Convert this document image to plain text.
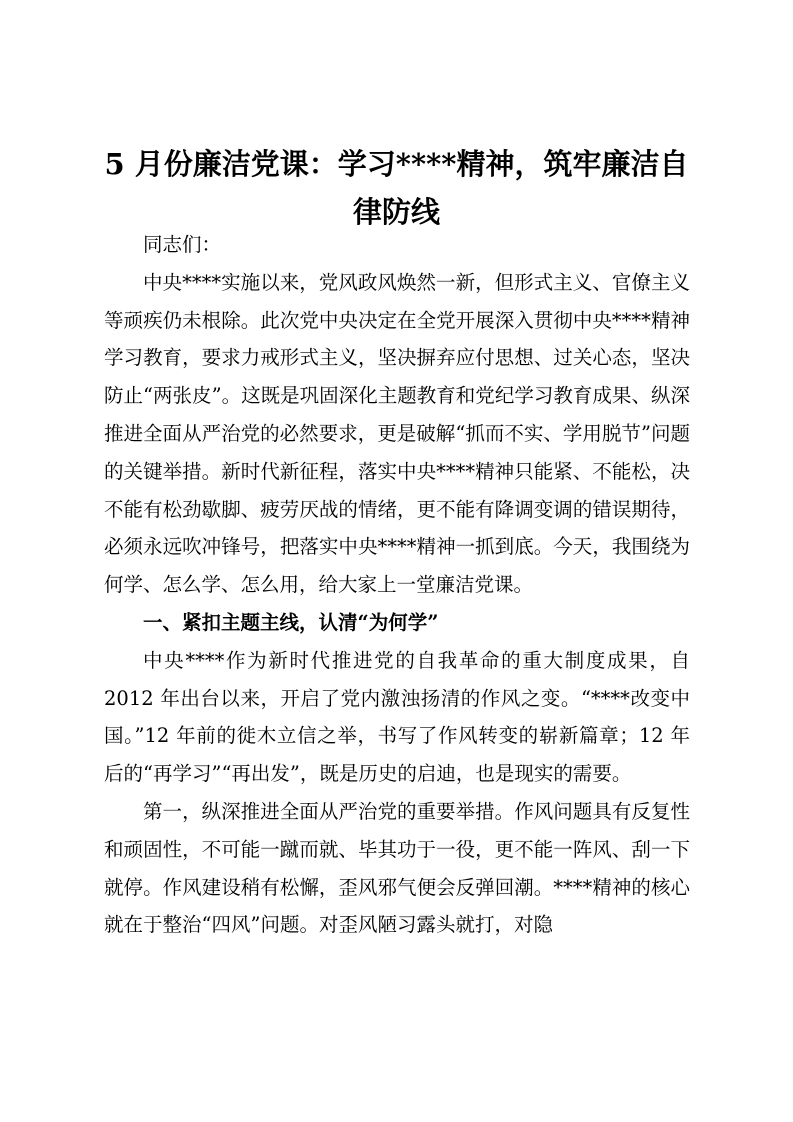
5 月份廉洁党课：学习****精神，筑牢廉洁自律防线

同志们：

中央****实施以来，党风政风焕然一新，但形式主义、官僚主义等顽疾仍未根除。此次党中央决定在全党开展深入贯彻中央****精神学习教育，要求力戒形式主义，坚决摒弃应付思想、过关心态，坚决防止“两张皮”。这既是巩固深化主题教育和党纪学习教育成果、纵深推进全面从严治党的必然要求，更是破解“抓而不实、学用脱节”问题的关键举措。新时代新征程，落实中央****精神只能紧、不能松，决不能有松劲歇脚、疲劳厌战的情绪，更不能有降调变调的错误期待，必须永远吹冲锋号，把落实中央****精神一抓到底。今天，我围绕为何学、怎么学、怎么用，给大家上一堂廉洁党课。

一、紧扣主题主线，认清“为何学”

中央****作为新时代推进党的自我革命的重大制度成果，自 2012 年出台以来，开启了党内激浊扬清的作风之变。“****改变中国。”12 年前的徙木立信之举，书写了作风转变的崭新篇章；12 年后的“再学习”“再出发”，既是历史的启迪，也是现实的需要。

第一，纵深推进全面从严治党的重要举措。作风问题具有反复性和顽固性，不可能一蹴而就、毕其功于一役，更不能一阵风、刮一下就停。作风建设稍有松懈，歪风邪气便会反弹回潮。****精神的核心就在于整治“四风”问题。对歪风陋习露头就打，对隐
